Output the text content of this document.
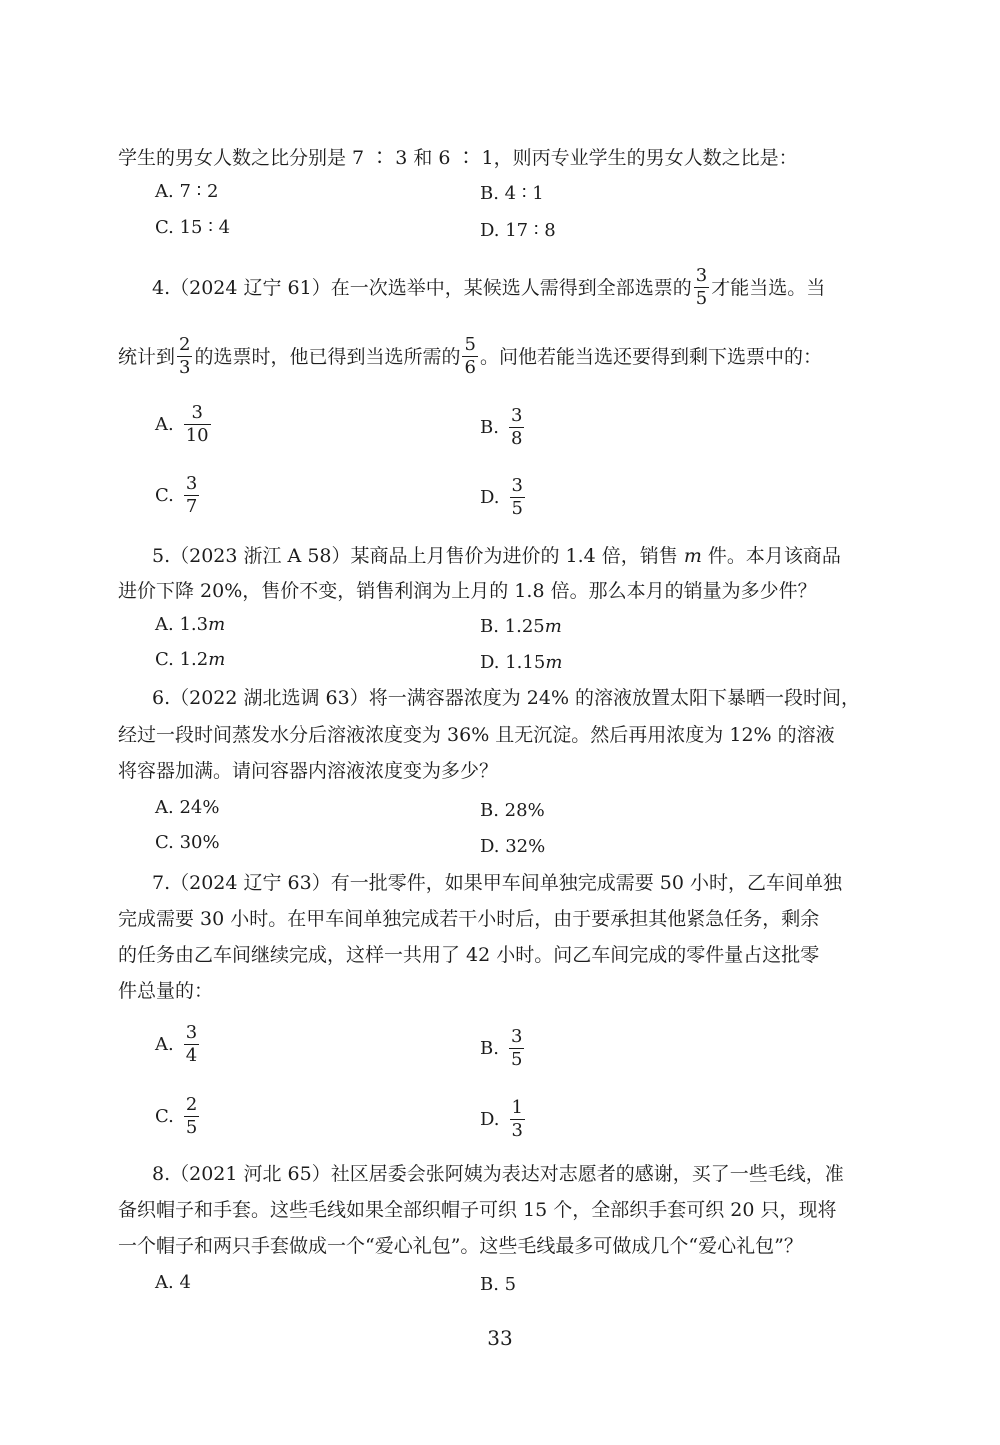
学生的男女人数之比分别是 7 ∶ 3 和 6 ∶ 1，则丙专业学生的男女人数之比是：
A. 7 ∶ 2	B. 4 ∶ 1
C. 15 ∶ 4	D. 17 ∶ 8
4.（2024 辽宁 61）在一次选举中，某候选人需得到全部选票的 $\frac{3}{5}$ 才能当选。当
统计到 $\frac{2}{3}$ 的选票时，他已得到当选所需的 $\frac{5}{6}$ 。问他若能当选还要得到剩下选票中的：
A. $\frac{3}{10}$	B. $\frac{3}{8}$
C. $\frac{3}{7}$	D. $\frac{3}{5}$
5.（2023 浙江 A 58）某商品上月售价为进价的 1.4 倍，销售 m 件。本月该商品
进价下降 20%，售价不变，销售利润为上月的 1.8 倍。那么本月的销量为多少件？
A. 1.3m	B. 1.25m
C. 1.2m	D. 1.15m
6.（2022 湖北选调 63）将一满容器浓度为 24% 的溶液放置太阳下暴晒一段时间，
经过一段时间蒸发水分后溶液浓度变为 36% 且无沉淀。然后再用浓度为 12% 的溶液
将容器加满。请问容器内溶液浓度变为多少？
A. 24%	B. 28%
C. 30%	D. 32%
7.（2024 辽宁 63）有一批零件，如果甲车间单独完成需要 50 小时，乙车间单独
完成需要 30 小时。在甲车间单独完成若干小时后，由于要承担其他紧急任务，剩余
的任务由乙车间继续完成，这样一共用了 42 小时。问乙车间完成的零件量占这批零
件总量的：
A. $\frac{3}{4}$	B. $\frac{3}{5}$
C. $\frac{2}{5}$	D. $\frac{1}{3}$
8.（2021 河北 65）社区居委会张阿姨为表达对志愿者的感谢，买了一些毛线，准
备织帽子和手套。这些毛线如果全部织帽子可织 15 个，全部织手套可织 20 只，现将
一个帽子和两只手套做成一个“爱心礼包”。这些毛线最多可做成几个“爱心礼包”？
A. 4	B. 5
33
